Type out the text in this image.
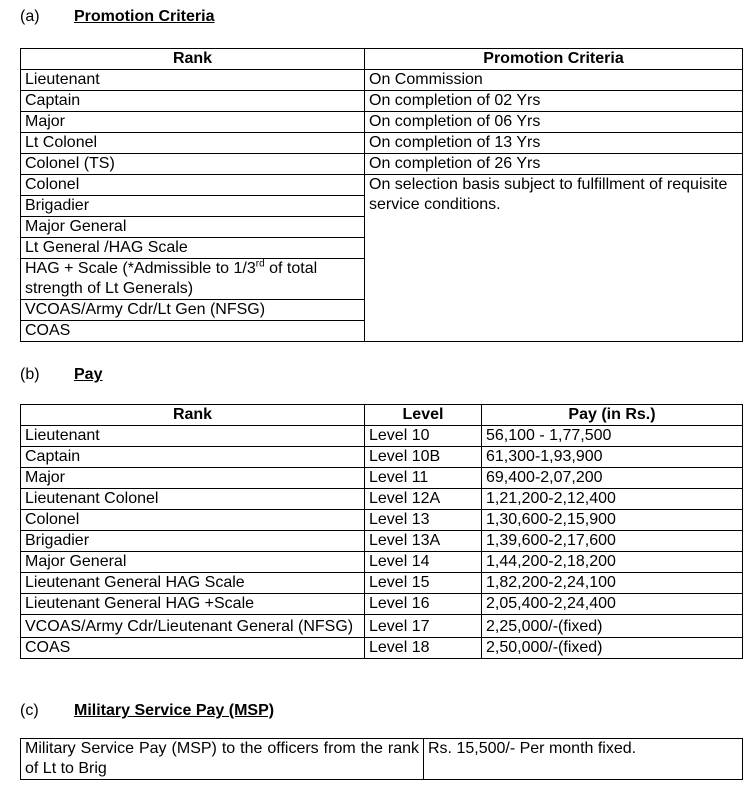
(a) Promotion Criteria
Rank	Promotion Criteria
Lieutenant	On Commission
Captain	On completion of 02 Yrs
Major	On completion of 06 Yrs
Lt Colonel	On completion of 13 Yrs
Colonel (TS)	On completion of 26 Yrs
Colonel	On selection basis subject to fulfillment of requisite service conditions.
Brigadier	
Major General	
Lt General /HAG Scale	
HAG + Scale (*Admissible to 1/3rd of total strength of Lt Generals)	
VCOAS/Army Cdr/Lt Gen (NFSG)	
COAS	
(b) Pay
Rank	Level	Pay (in Rs.)
Lieutenant	Level 10	56,100 - 1,77,500
Captain	Level 10B	61,300-1,93,900
Major	Level 11	69,400-2,07,200
Lieutenant Colonel	Level 12A	1,21,200-2,12,400
Colonel	Level 13	1,30,600-2,15,900
Brigadier	Level 13A	1,39,600-2,17,600
Major General	Level 14	1,44,200-2,18,200
Lieutenant General HAG Scale	Level 15	1,82,200-2,24,100
Lieutenant General HAG +Scale	Level 16	2,05,400-2,24,400
VCOAS/Army Cdr/Lieutenant General (NFSG)	Level 17	2,25,000/-(fixed)
COAS	Level 18	2,50,000/-(fixed)
(c) Military Service Pay (MSP)
Military Service Pay (MSP) to the officers from the rank of Lt to Brig	Rs. 15,500/- Per month fixed.
